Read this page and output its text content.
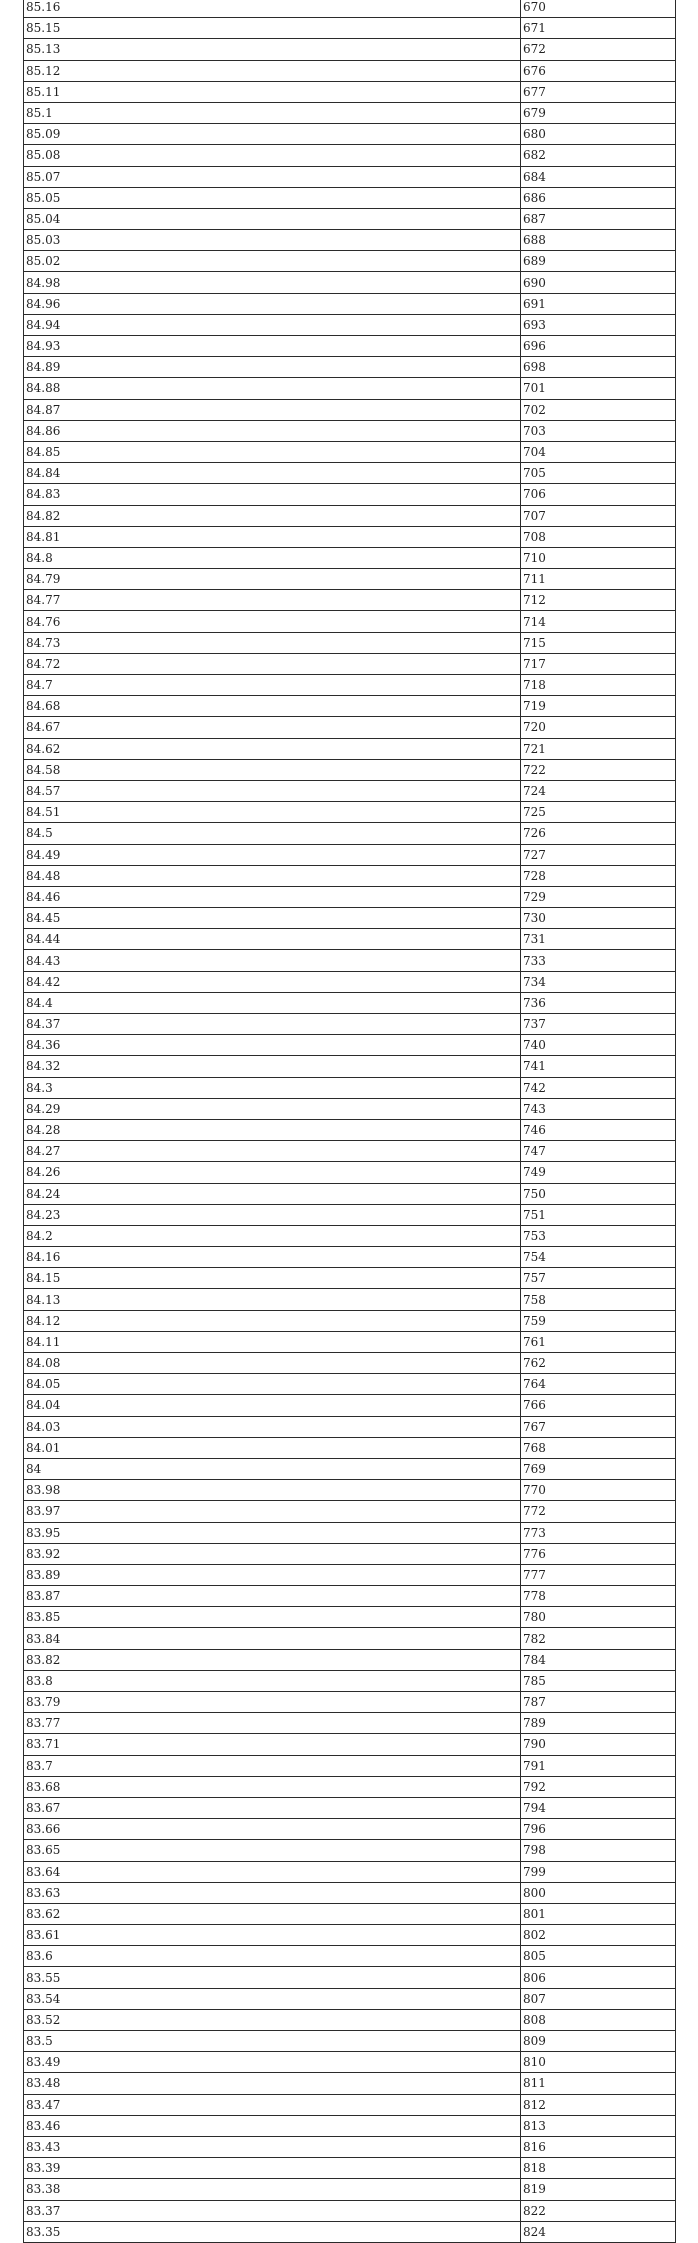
85.16	670
85.15	671
85.13	672
85.12	676
85.11	677
85.1	679
85.09	680
85.08	682
85.07	684
85.05	686
85.04	687
85.03	688
85.02	689
84.98	690
84.96	691
84.94	693
84.93	696
84.89	698
84.88	701
84.87	702
84.86	703
84.85	704
84.84	705
84.83	706
84.82	707
84.81	708
84.8	710
84.79	711
84.77	712
84.76	714
84.73	715
84.72	717
84.7	718
84.68	719
84.67	720
84.62	721
84.58	722
84.57	724
84.51	725
84.5	726
84.49	727
84.48	728
84.46	729
84.45	730
84.44	731
84.43	733
84.42	734
84.4	736
84.37	737
84.36	740
84.32	741
84.3	742
84.29	743
84.28	746
84.27	747
84.26	749
84.24	750
84.23	751
84.2	753
84.16	754
84.15	757
84.13	758
84.12	759
84.11	761
84.08	762
84.05	764
84.04	766
84.03	767
84.01	768
84	769
83.98	770
83.97	772
83.95	773
83.92	776
83.89	777
83.87	778
83.85	780
83.84	782
83.82	784
83.8	785
83.79	787
83.77	789
83.71	790
83.7	791
83.68	792
83.67	794
83.66	796
83.65	798
83.64	799
83.63	800
83.62	801
83.61	802
83.6	805
83.55	806
83.54	807
83.52	808
83.5	809
83.49	810
83.48	811
83.47	812
83.46	813
83.43	816
83.39	818
83.38	819
83.37	822
83.35	824
